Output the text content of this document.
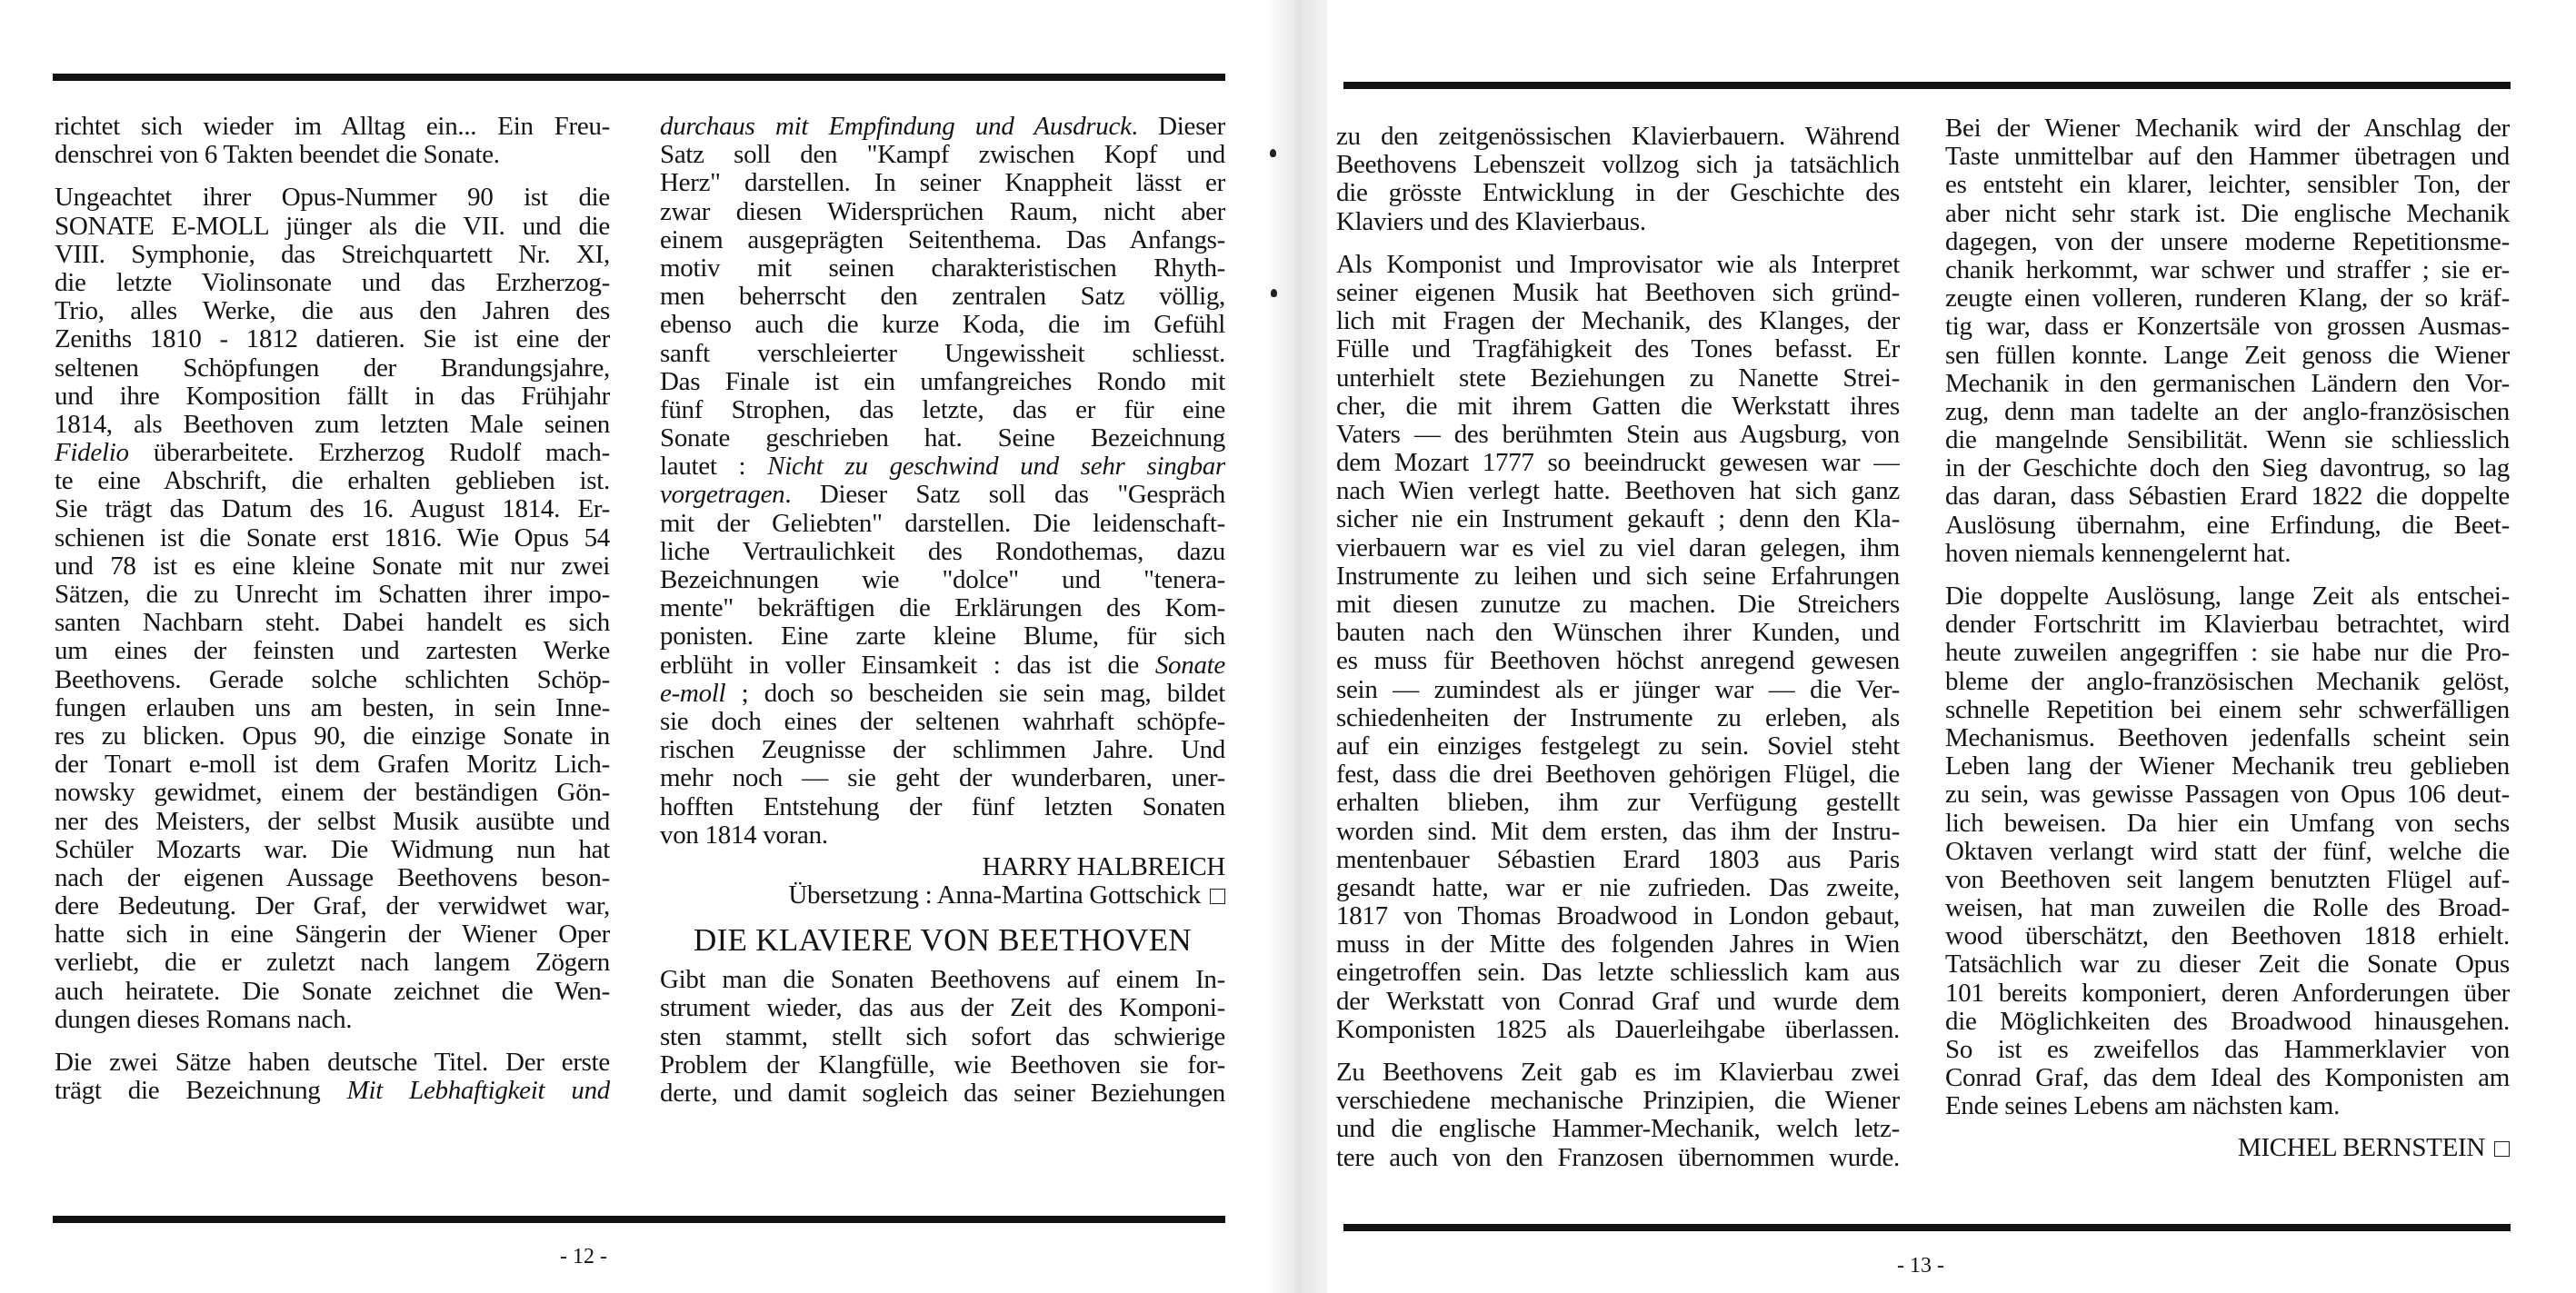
richtet sich wieder im Alltag ein... Ein Freu-
denschrei von 6 Takten beendet die Sonate.
Ungeachtet ihrer Opus-Nummer 90 ist die
SONATE E-MOLL jünger als die VII. und die
VIII. Symphonie, das Streichquartett Nr. XI,
die letzte Violinsonate und das Erzherzog-
Trio, alles Werke, die aus den Jahren des
Zeniths 1810 - 1812 datieren. Sie ist eine der
seltenen Schöpfungen der Brandungsjahre,
und ihre Komposition fällt in das Frühjahr
1814, als Beethoven zum letzten Male seinen
Fidelio überarbeitete. Erzherzog Rudolf mach-
te eine Abschrift, die erhalten geblieben ist.
Sie trägt das Datum des 16. August 1814. Er-
schienen ist die Sonate erst 1816. Wie Opus 54
und 78 ist es eine kleine Sonate mit nur zwei
Sätzen, die zu Unrecht im Schatten ihrer impo-
santen Nachbarn steht. Dabei handelt es sich
um eines der feinsten und zartesten Werke
Beethovens. Gerade solche schlichten Schöp-
fungen erlauben uns am besten, in sein Inne-
res zu blicken. Opus 90, die einzige Sonate in
der Tonart e-moll ist dem Grafen Moritz Lich-
nowsky gewidmet, einem der beständigen Gön-
ner des Meisters, der selbst Musik ausübte und
Schüler Mozarts war. Die Widmung nun hat
nach der eigenen Aussage Beethovens beson-
dere Bedeutung. Der Graf, der verwidwet war,
hatte sich in eine Sängerin der Wiener Oper
verliebt, die er zuletzt nach langem Zögern
auch heiratete. Die Sonate zeichnet die Wen-
dungen dieses Romans nach.
Die zwei Sätze haben deutsche Titel. Der erste
trägt die Bezeichnung Mit Lebhaftigkeit und
durchaus mit Empfindung und Ausdruck. Dieser
Satz soll den "Kampf zwischen Kopf und
Herz" darstellen. In seiner Knappheit lässt er
zwar diesen Widersprüchen Raum, nicht aber
einem ausgeprägten Seitenthema. Das Anfangs-
motiv mit seinen charakteristischen Rhyth-
men beherrscht den zentralen Satz völlig,
ebenso auch die kurze Koda, die im Gefühl
sanft verschleierter Ungewissheit schliesst.
Das Finale ist ein umfangreiches Rondo mit
fünf Strophen, das letzte, das er für eine
Sonate geschrieben hat. Seine Bezeichnung
lautet : Nicht zu geschwind und sehr singbar
vorgetragen. Dieser Satz soll das "Gespräch
mit der Geliebten" darstellen. Die leidenschaft-
liche Vertraulichkeit des Rondothemas, dazu
Bezeichnungen wie "dolce" und "tenera-
mente" bekräftigen die Erklärungen des Kom-
ponisten. Eine zarte kleine Blume, für sich
erblüht in voller Einsamkeit : das ist die Sonate
e-moll ; doch so bescheiden sie sein mag, bildet
sie doch eines der seltenen wahrhaft schöpfe-
rischen Zeugnisse der schlimmen Jahre. Und
mehr noch — sie geht der wunderbaren, uner-
hofften Entstehung der fünf letzten Sonaten
von 1814 voran.
HARRY HALBREICH
Übersetzung : Anna-Martina Gottschick
DIE KLAVIERE VON BEETHOVEN
Gibt man die Sonaten Beethovens auf einem In-
strument wieder, das aus der Zeit des Komponi-
sten stammt, stellt sich sofort das schwierige
Problem der Klangfülle, wie Beethoven sie for-
derte, und damit sogleich das seiner Beziehungen
- 12 -
zu den zeitgenössischen Klavierbauern. Während
Beethovens Lebenszeit vollzog sich ja tatsächlich
die grösste Entwicklung in der Geschichte des
Klaviers und des Klavierbaus.
Als Komponist und Improvisator wie als Interpret
seiner eigenen Musik hat Beethoven sich gründ-
lich mit Fragen der Mechanik, des Klanges, der
Fülle und Tragfähigkeit des Tones befasst. Er
unterhielt stete Beziehungen zu Nanette Strei-
cher, die mit ihrem Gatten die Werkstatt ihres
Vaters — des berühmten Stein aus Augsburg, von
dem Mozart 1777 so beeindruckt gewesen war —
nach Wien verlegt hatte. Beethoven hat sich ganz
sicher nie ein Instrument gekauft ; denn den Kla-
vierbauern war es viel zu viel daran gelegen, ihm
Instrumente zu leihen und sich seine Erfahrungen
mit diesen zunutze zu machen. Die Streichers
bauten nach den Wünschen ihrer Kunden, und
es muss für Beethoven höchst anregend gewesen
sein — zumindest als er jünger war — die Ver-
schiedenheiten der Instrumente zu erleben, als
auf ein einziges festgelegt zu sein. Soviel steht
fest, dass die drei Beethoven gehörigen Flügel, die
erhalten blieben, ihm zur Verfügung gestellt
worden sind. Mit dem ersten, das ihm der Instru-
mentenbauer Sébastien Erard 1803 aus Paris
gesandt hatte, war er nie zufrieden. Das zweite,
1817 von Thomas Broadwood in London gebaut,
muss in der Mitte des folgenden Jahres in Wien
eingetroffen sein. Das letzte schliesslich kam aus
der Werkstatt von Conrad Graf und wurde dem
Komponisten 1825 als Dauerleihgabe überlassen.
Zu Beethovens Zeit gab es im Klavierbau zwei
verschiedene mechanische Prinzipien, die Wiener
und die englische Hammer-Mechanik, welch letz-
tere auch von den Franzosen übernommen wurde.
Bei der Wiener Mechanik wird der Anschlag der
Taste unmittelbar auf den Hammer übetragen und
es entsteht ein klarer, leichter, sensibler Ton, der
aber nicht sehr stark ist. Die englische Mechanik
dagegen, von der unsere moderne Repetitionsme-
chanik herkommt, war schwer und straffer ; sie er-
zeugte einen volleren, runderen Klang, der so kräf-
tig war, dass er Konzertsäle von grossen Ausmas-
sen füllen konnte. Lange Zeit genoss die Wiener
Mechanik in den germanischen Ländern den Vor-
zug, denn man tadelte an der anglo-französischen
die mangelnde Sensibilität. Wenn sie schliesslich
in der Geschichte doch den Sieg davontrug, so lag
das daran, dass Sébastien Erard 1822 die doppelte
Auslösung übernahm, eine Erfindung, die Beet-
hoven niemals kennengelernt hat.
Die doppelte Auslösung, lange Zeit als entschei-
dender Fortschritt im Klavierbau betrachtet, wird
heute zuweilen angegriffen : sie habe nur die Pro-
bleme der anglo-französischen Mechanik gelöst,
schnelle Repetition bei einem sehr schwerfälligen
Mechanismus. Beethoven jedenfalls scheint sein
Leben lang der Wiener Mechanik treu geblieben
zu sein, was gewisse Passagen von Opus 106 deut-
lich beweisen. Da hier ein Umfang von sechs
Oktaven verlangt wird statt der fünf, welche die
von Beethoven seit langem benutzten Flügel auf-
weisen, hat man zuweilen die Rolle des Broad-
wood überschätzt, den Beethoven 1818 erhielt.
Tatsächlich war zu dieser Zeit die Sonate Opus
101 bereits komponiert, deren Anforderungen über
die Möglichkeiten des Broadwood hinausgehen.
So ist es zweifellos das Hammerklavier von
Conrad Graf, das dem Ideal des Komponisten am
Ende seines Lebens am nächsten kam.
MICHEL BERNSTEIN
- 13 -
